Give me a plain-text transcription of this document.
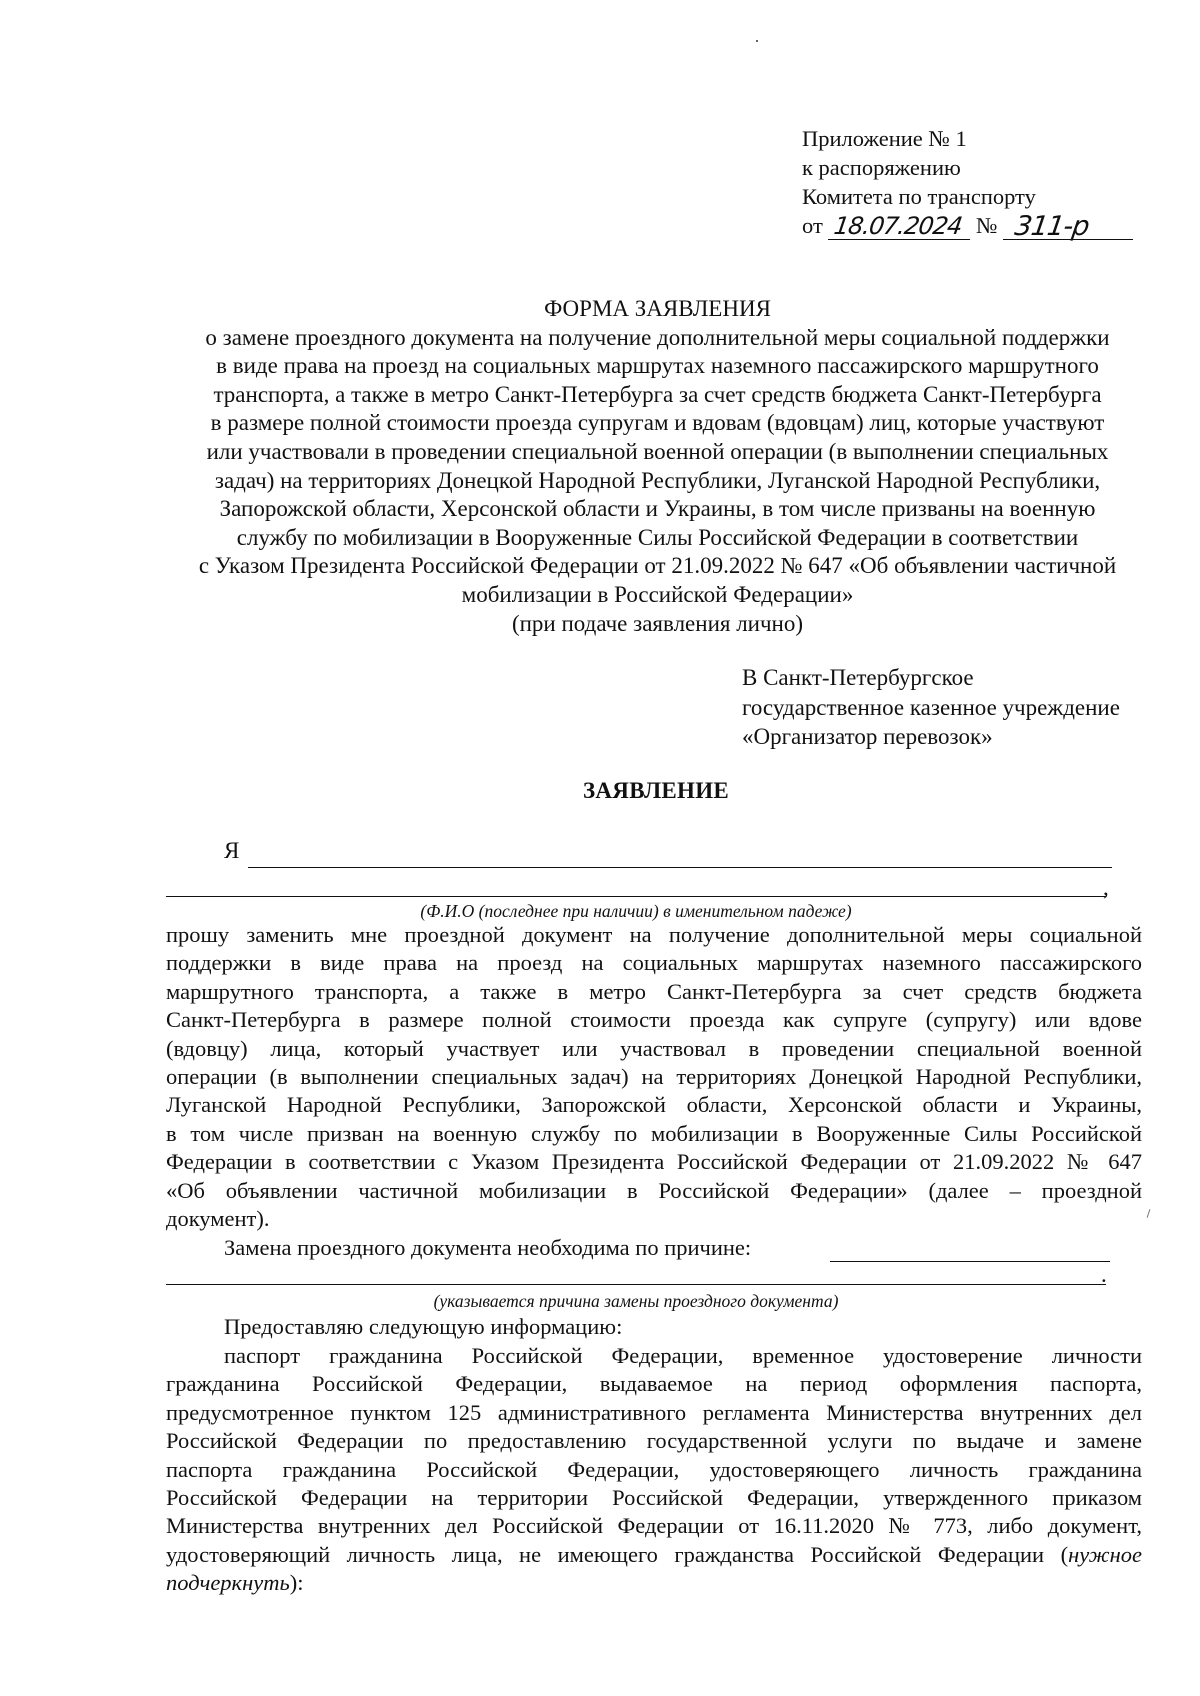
Приложение № 1
к распоряжению
Комитета по транспорту
от 18.07.2024 № 311-р
ФОРМА ЗАЯВЛЕНИЯ
о замене проездного документа на получение дополнительной меры социальной поддержки
в виде права на проезд на социальных маршрутах наземного пассажирского маршрутного
транспорта, а также в метро Санкт-Петербурга за счет средств бюджета Санкт-Петербурга
в размере полной стоимости проезда супругам и вдовам (вдовцам) лиц, которые участвуют
или участвовали в проведении специальной военной операции (в выполнении специальных
задач) на территориях Донецкой Народной Республики, Луганской Народной Республики,
Запорожской области, Херсонской области и Украины, в том числе призваны на военную
службу по мобилизации в Вооруженные Силы Российской Федерации в соответствии
с Указом Президента Российской Федерации от 21.09.2022 № 647 «Об объявлении частичной
мобилизации в Российской Федерации»
(при подаче заявления лично)
В Санкт-Петербургское
государственное казенное учреждение
«Организатор перевозок»
ЗАЯВЛЕНИЕ
Я
,
(Ф.И.О (последнее при наличии) в именительном падеже)
прошу заменить мне проездной документ на получение дополнительной меры социальной
поддержки в виде права на проезд на социальных маршрутах наземного пассажирского
маршрутного транспорта, а также в метро Санкт-Петербурга за счет средств бюджета
Санкт-Петербурга в размере полной стоимости проезда как супруге (супругу) или вдове
(вдовцу) лица, который участвует или участвовал в проведении специальной военной
операции (в выполнении специальных задач) на территориях Донецкой Народной Республики,
Луганской Народной Республики, Запорожской области, Херсонской области и Украины,
в том числе призван на военную службу по мобилизации в Вооруженные Силы Российской
Федерации в соответствии с Указом Президента Российской Федерации от 21.09.2022 № 647
«Об объявлении частичной мобилизации в Российской Федерации» (далее – проездной
документ).
Замена проездного документа необходима по причине:
.
(указывается причина замены проездного документа)
Предоставляю следующую информацию:
паспорт гражданина Российской Федерации, временное удостоверение личности
гражданина Российской Федерации, выдаваемое на период оформления паспорта,
предусмотренное пунктом 125 административного регламента Министерства внутренних дел
Российской Федерации по предоставлению государственной услуги по выдаче и замене
паспорта гражданина Российской Федерации, удостоверяющего личность гражданина
Российской Федерации на территории Российской Федерации, утвержденного приказом
Министерства внутренних дел Российской Федерации от 16.11.2020 № 773, либо документ,
удостоверяющий личность лица, не имеющего гражданства Российской Федерации (нужное
подчеркнуть):
